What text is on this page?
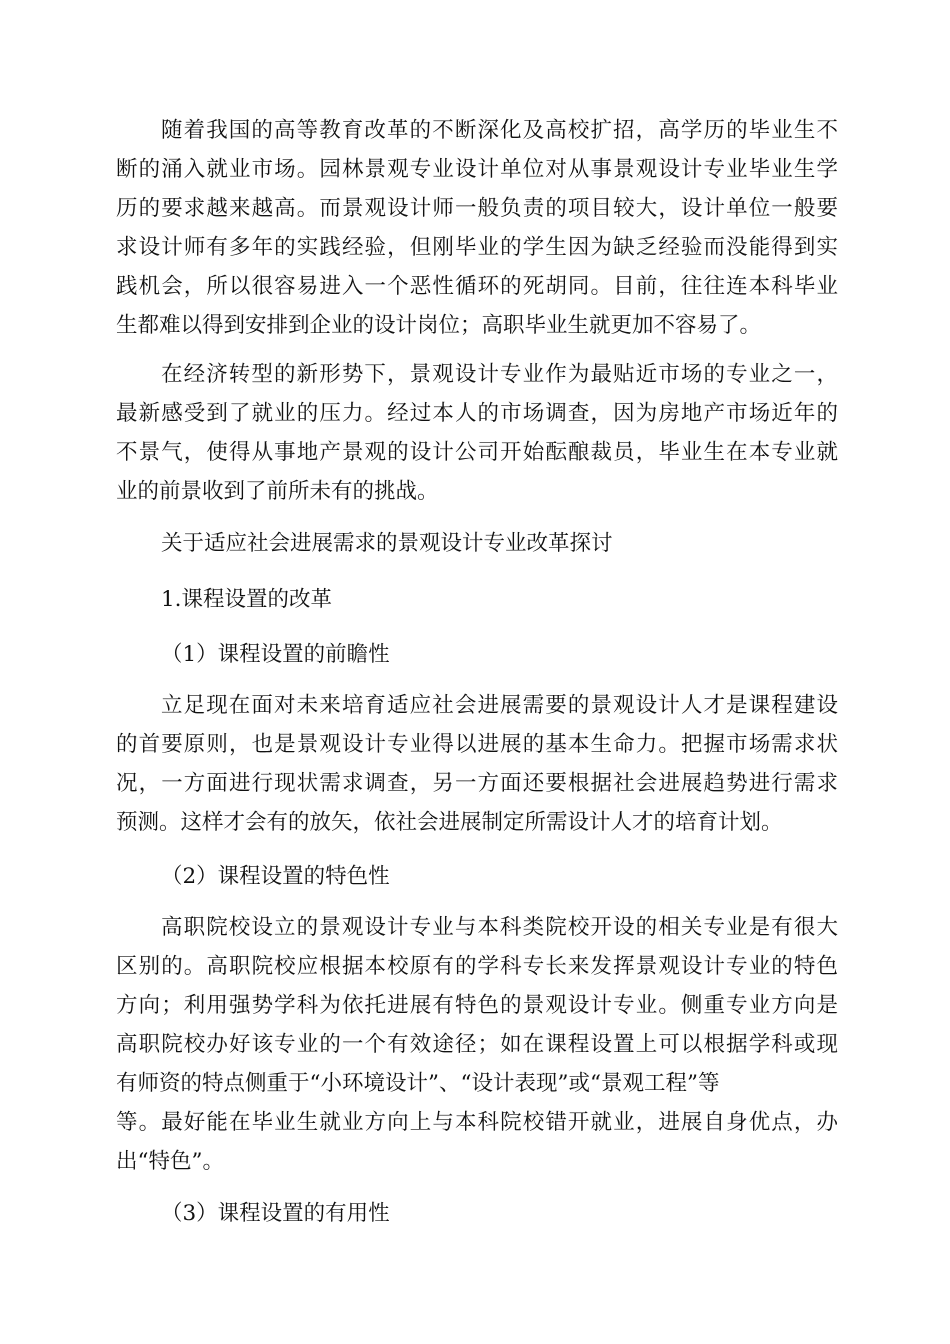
随着我国的高等教育改革的不断深化及高校扩招，高学历的毕业生不
断的涌入就业市场。园林景观专业设计单位对从事景观设计专业毕业生学
历的要求越来越高。而景观设计师一般负责的项目较大，设计单位一般要
求设计师有多年的实践经验，但刚毕业的学生因为缺乏经验而没能得到实
践机会，所以很容易进入一个恶性循环的死胡同。目前，往往连本科毕业
生都难以得到安排到企业的设计岗位；高职毕业生就更加不容易了。
在经济转型的新形势下，景观设计专业作为最贴近市场的专业之一，
最新感受到了就业的压力。经过本人的市场调查，因为房地产市场近年的
不景气，使得从事地产景观的设计公司开始酝酿裁员，毕业生在本专业就
业的前景收到了前所未有的挑战。
关于适应社会进展需求的景观设计专业改革探讨
1.课程设置的改革
（1）课程设置的前瞻性
立足现在面对未来培育适应社会进展需要的景观设计人才是课程建设
的首要原则，也是景观设计专业得以进展的基本生命力。把握市场需求状
况，一方面进行现状需求调查，另一方面还要根据社会进展趋势进行需求
预测。这样才会有的放矢，依社会进展制定所需设计人才的培育计划。
（2）课程设置的特色性
高职院校设立的景观设计专业与本科类院校开设的相关专业是有很大
区别的。高职院校应根据本校原有的学科专长来发挥景观设计专业的特色
方向；利用强势学科为依托进展有特色的景观设计专业。侧重专业方向是
高职院校办好该专业的一个有效途径；如在课程设置上可以根据学科或现
有师资的特点侧重于“小环境设计”、“设计表现”或“景观工程”等
等。最好能在毕业生就业方向上与本科院校错开就业，进展自身优点，办
出“特色”。
（3）课程设置的有用性
